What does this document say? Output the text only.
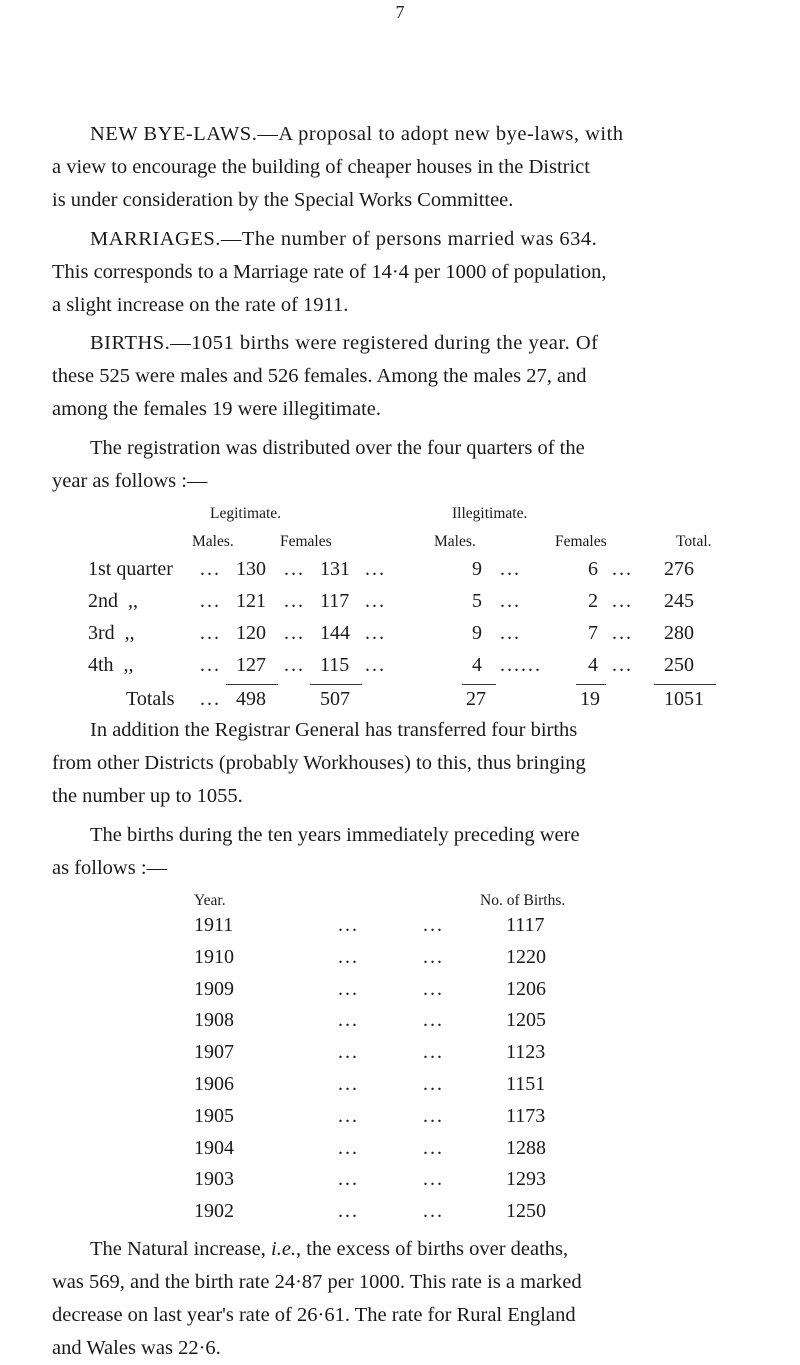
7
NEW BYE-LAWS.—A proposal to adopt new bye-laws, with
a view to encourage the building of cheaper houses in the District
is under consideration by the Special Works Committee.
MARRIAGES.—The number of persons married was 634.
This corresponds to a Marriage rate of 14·4 per 1000 of population,
a slight increase on the rate of 1911.
BIRTHS.—1051 births were registered during the year. Of
these 525 were males and 526 females. Among the males 27, and
among the females 19 were illegitimate.
The registration was distributed over the four quarters of the
year as follows :—
Legitimate.	Illegitimate.
Males.	Females	Males.	Females	Total.
1st quarter ... 130 ... 131 ...	9 ...	6 ... 276
2nd  ,,	... 121 ... 117 ...	5 ...	2 ... 245
3rd  ,,	... 120 ... 144 ...	9 ...	7 ... 280
4th  ,,	... 127 ... 115 ...	4 ...... 4 ... 250
Totals ... 498	507	27	19	1051
In addition the Registrar General has transferred four births
from other Districts (probably Workhouses) to this, thus bringing
the number up to 1055.
The births during the ten years immediately preceding were
as follows :—
Year.	No. of Births.
1911	...	...	1117
1910	...	...	1220
1909	...	...	1206
1908	...	...	1205
1907	...	...	1123
1906	...	...	1151
1905	...	...	1173
1904	...	...	1288
1903	...	...	1293
1902	...	...	1250
The Natural increase, i.e., the excess of births over deaths,
was 569, and the birth rate 24·87 per 1000. This rate is a marked
decrease on last year's rate of 26·61. The rate for Rural England
and Wales was 22·6.
